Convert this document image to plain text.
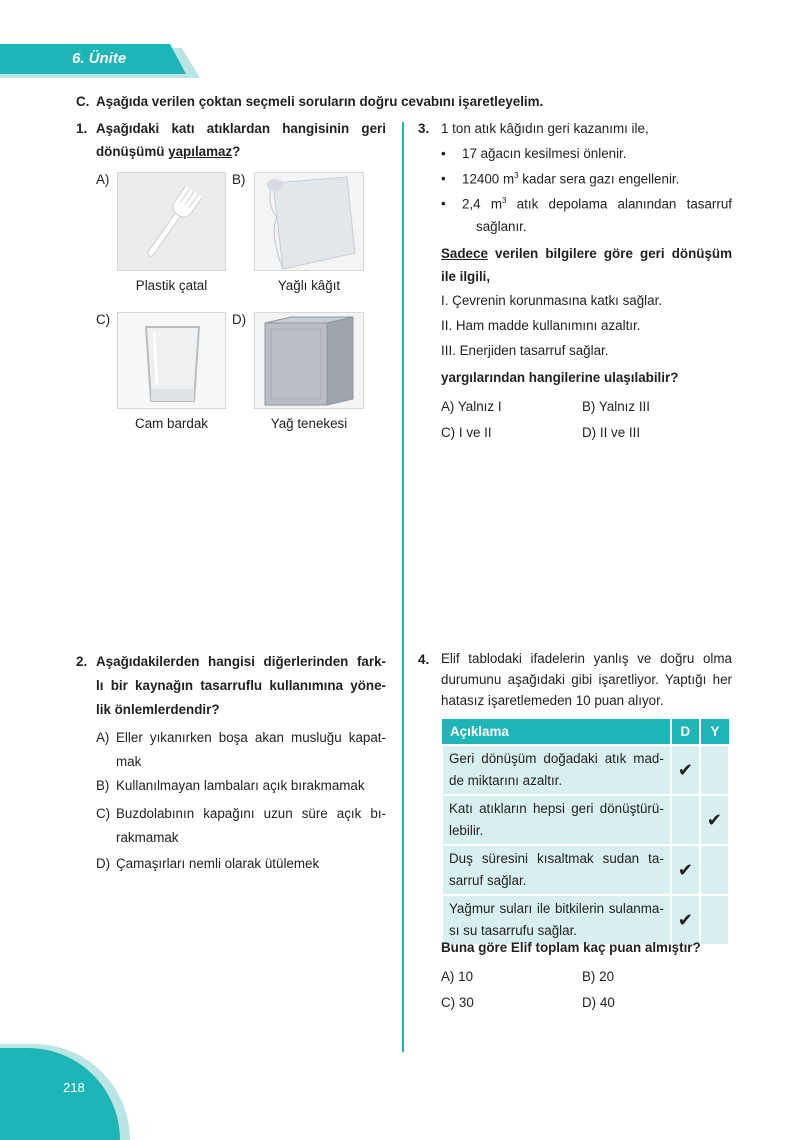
6. Ünite
C. Aşağıda verilen çoktan seçmeli soruların doğru cevabını işaretleyelim.
1. Aşağıdaki katı atıklardan hangisinin geri
dönüşümü yapılamaz?
A)
Plastik çatal
B)
Yağlı kâğıt
C)
Cam bardak
D)
Yağ tenekesi
2. Aşağıdakilerden hangisi diğerlerinden fark-
lı bir kaynağın tasarruflu kullanımına yöne-
lik önlemlerdendir?
A) Eller yıkanırken boşa akan musluğu kapat-
mak
B) Kullanılmayan lambaları açık bırakmamak
C) Buzdolabının kapağını uzun süre açık bı-
rakmamak
D) Çamaşırları nemli olarak ütülemek
3. 1 ton atık kâğıdın geri kazanımı ile,
• 17 ağacın kesilmesi önlenir.
• 12400 $m^3$ kadar sera gazı engellenir.
• 2,4 $m^3$ atık depolama alanından tasarruf
sağlanır.
Sadece verilen bilgilere göre geri dönüşüm
ile ilgili,
I. Çevrenin korunmasına katkı sağlar.
II. Ham madde kullanımını azaltır.
III. Enerjiden tasarruf sağlar.
yargılarından hangilerine ulaşılabilir?
A) Yalnız I	B) Yalnız III
C) I ve II	D) II ve III
4. Elif tablodaki ifadelerin yanlış ve doğru olma
durumunu aşağıdaki gibi işaretliyor. Yaptığı her
hatasız işaretlemeden 10 puan alıyor.
Açıklama	D	Y

Geri dönüşüm doğadaki atık mad-
de miktarını azaltır.	✔	

Katı atıkların hepsi geri dönüştürü-
lebilir.		✔

Duş süresini kısaltmak sudan ta-
sarruf sağlar.	✔	

Yağmur suları ile bitkilerin sulanma-
sı su tasarrufu sağlar.	✔	
Buna göre Elif toplam kaç puan almıştır?
A) 10	B) 20
C) 30	D) 40
218
